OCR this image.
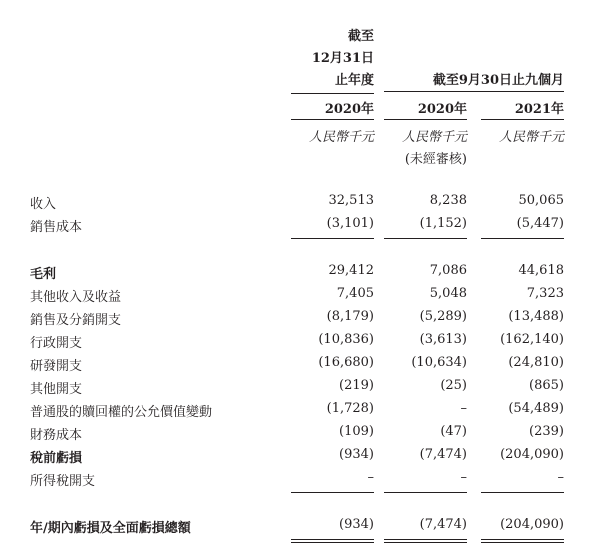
截至
12月31日
止年度	截至9月30日止九個月
2020年	2020年	2021年
人民幣千元	人民幣千元	人民幣千元
(未經審核)
收入	32,513	8,238	50,065
銷售成本	(3,101)	(1,152)	(5,447)
毛利	29,412	7,086	44,618
其他收入及收益	7,405	5,048	7,323
銷售及分銷開支	(8,179)	(5,289)	(13,488)
行政開支	(10,836)	(3,613)	(162,140)
研發開支	(16,680)	(10,634)	(24,810)
其他開支	(219)	(25)	(865)
普通股的贖回權的公允價值變動	(1,728)	–	(54,489)
財務成本	(109)	(47)	(239)
稅前虧損	(934)	(7,474)	(204,090)
所得稅開支	–	–	–
年/期內虧損及全面虧損總額	(934)	(7,474)	(204,090)
